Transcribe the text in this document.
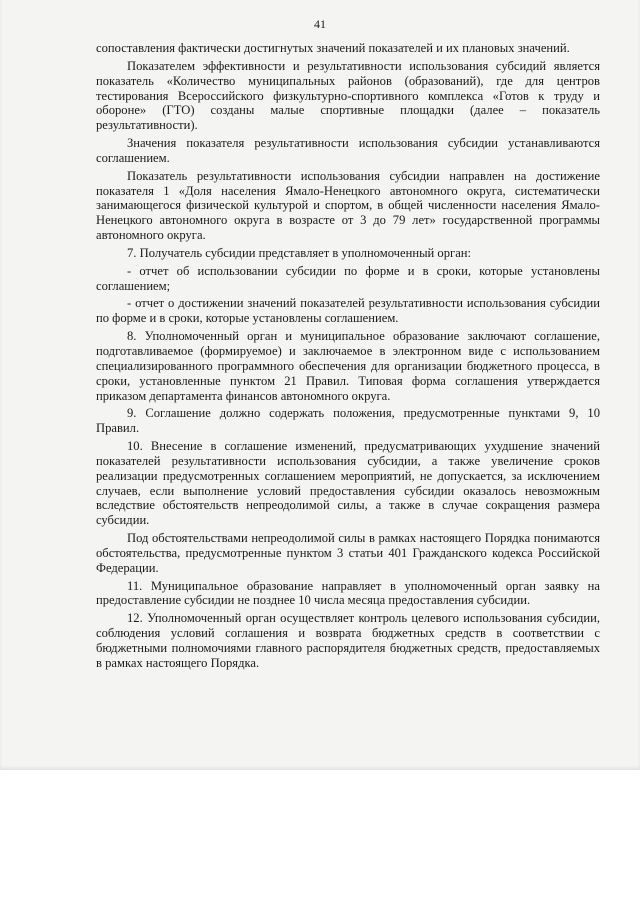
41

сопоставления фактически достигнутых значений показателей и их плановых значений.

Показателем эффективности и результативности использования субсидий является показатель «Количество муниципальных районов (образований), где для центров тестирования Всероссийского физкультурно-спортивного комплекса «Готов к труду и обороне» (ГТО) созданы малые спортивные площадки (далее – показатель результативности).

Значения показателя результативности использования субсидии устанавливаются соглашением.

Показатель результативности использования субсидии направлен на достижение показателя 1 «Доля населения Ямало-Ненецкого автономного округа, систематически занимающегося физической культурой и спортом, в общей численности населения Ямало-Ненецкого автономного округа в возрасте от 3 до 79 лет» государственной программы автономного округа.

7. Получатель субсидии представляет в уполномоченный орган:

- отчет об использовании субсидии по форме и в сроки, которые установлены соглашением;

- отчет о достижении значений показателей результативности использования субсидии по форме и в сроки, которые установлены соглашением.

8. Уполномоченный орган и муниципальное образование заключают соглашение, подготавливаемое (формируемое) и заключаемое в электронном виде с использованием специализированного программного обеспечения для организации бюджетного процесса, в сроки, установленные пунктом 21 Правил. Типовая форма соглашения утверждается приказом департамента финансов автономного округа.

9. Соглашение должно содержать положения, предусмотренные пунктами 9, 10 Правил.

10. Внесение в соглашение изменений, предусматривающих ухудшение значений показателей результативности использования субсидии, а также увеличение сроков реализации предусмотренных соглашением мероприятий, не допускается, за исключением случаев, если выполнение условий предоставления субсидии оказалось невозможным вследствие обстоятельств непреодолимой силы, а также в случае сокращения размера субсидии.

Под обстоятельствами непреодолимой силы в рамках настоящего Порядка понимаются обстоятельства, предусмотренные пунктом 3 статьи 401 Гражданского кодекса Российской Федерации.

11. Муниципальное образование направляет в уполномоченный орган заявку на предоставление субсидии не позднее 10 числа месяца предоставления субсидии.

12. Уполномоченный орган осуществляет контроль целевого использования субсидии, соблюдения условий соглашения и возврата бюджетных средств в соответствии с бюджетными полномочиями главного распорядителя бюджетных средств, предоставляемых в рамках настоящего Порядка.
